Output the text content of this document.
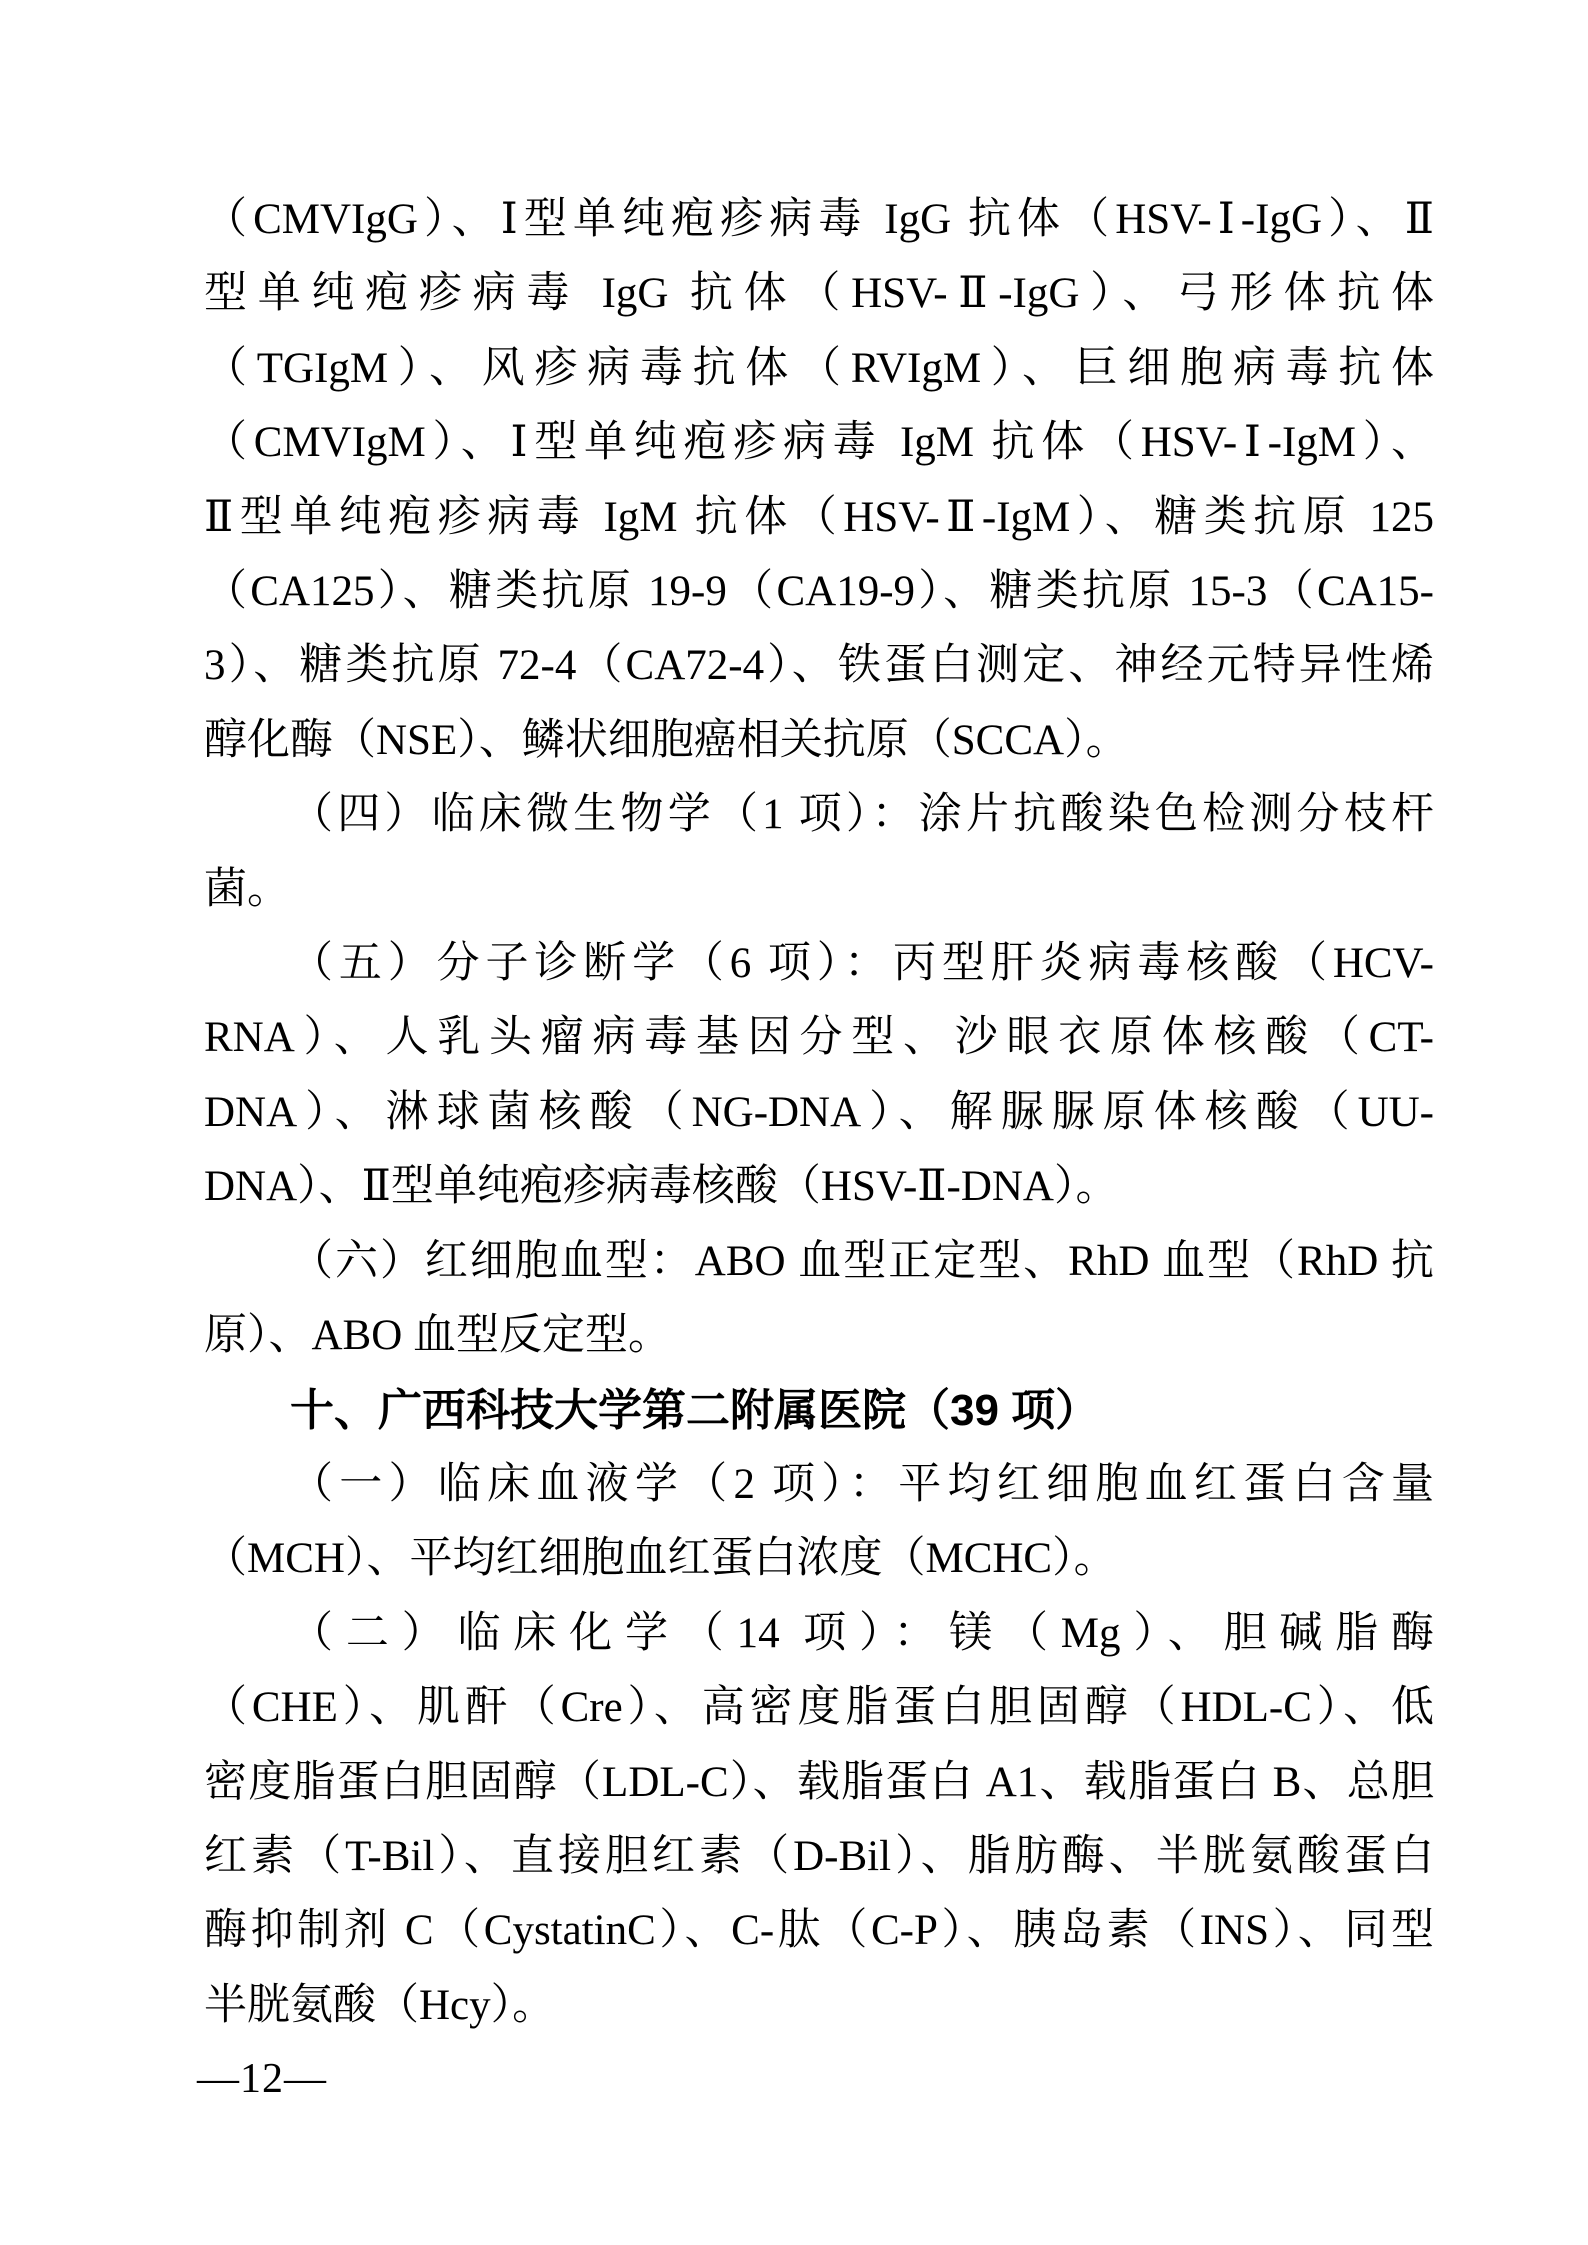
（CMVIgG）、Ⅰ型单纯疱疹病毒 IgG 抗体（HSV-Ⅰ-IgG）、Ⅱ
型单纯疱疹病毒 IgG 抗体（HSV-Ⅱ-IgG）、弓形体抗体
（TGIgM）、风疹病毒抗体（RVIgM）、巨细胞病毒抗体
（CMVIgM）、Ⅰ型单纯疱疹病毒 IgM 抗体（HSV-Ⅰ-IgM）、
Ⅱ型单纯疱疹病毒 IgM 抗体（HSV-Ⅱ-IgM）、糖类抗原 125
（CA125）、糖类抗原 19-9（CA19-9）、糖类抗原 15-3（CA15-
3）、糖类抗原 72-4（CA72-4）、铁蛋白测定、神经元特异性烯
醇化酶（NSE）、鳞状细胞癌相关抗原（SCCA）。
（四）临床微生物学（1 项）：涂片抗酸染色检测分枝杆
菌。
（五）分子诊断学（6 项）：丙型肝炎病毒核酸（HCV-
RNA）、人乳头瘤病毒基因分型、沙眼衣原体核酸（CT-
DNA）、淋球菌核酸（NG-DNA）、解脲脲原体核酸（UU-
DNA）、Ⅱ型单纯疱疹病毒核酸（HSV-Ⅱ-DNA）。
（六）红细胞血型：ABO 血型正定型、RhD 血型（RhD 抗
原）、ABO 血型反定型。
十、广西科技大学第二附属医院（39 项）
（一）临床血液学（2 项）：平均红细胞血红蛋白含量
（MCH）、平均红细胞血红蛋白浓度（MCHC）。
（二）临床化学（14 项）：镁（Mg）、胆碱脂酶
（CHE）、肌酐（Cre）、高密度脂蛋白胆固醇（HDL-C）、低
密度脂蛋白胆固醇（LDL-C）、载脂蛋白 A1、载脂蛋白 B、总胆
红素（T-Bil）、直接胆红素（D-Bil）、脂肪酶、半胱氨酸蛋白
酶抑制剂 C（CystatinC）、C-肽（C-P）、胰岛素（INS）、同型
半胱氨酸（Hcy）。
—12—
